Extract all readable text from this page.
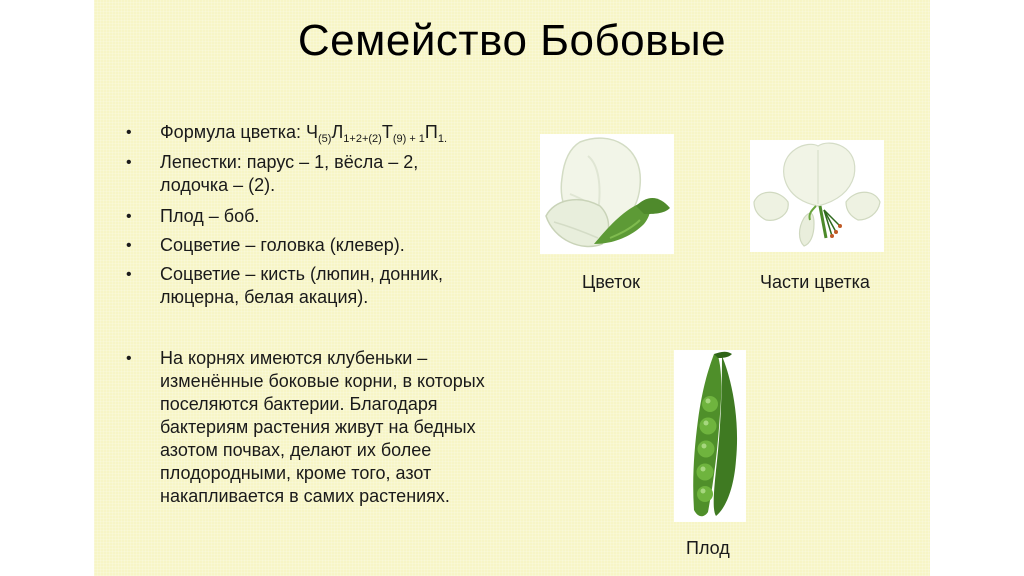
Семейство Бобовые
•	Формула цветка: $Ч_{(5)}Л_{1+2+(2)}Т_{(9) + 1}П_{1.}$
•	Лепестки: парус – 1, вёсла – 2,
лодочка – (2).
•	Плод – боб.
•	Соцветие – головка (клевер).
•	Соцветие – кисть (люпин, донник,
люцерна, белая акация).
•	На корнях имеются клубеньки –
изменённые боковые корни, в которых
поселяются бактерии. Благодаря
бактериям растения живут на бедных
азотом почвах, делают их более
плодородными, кроме того, азот
накапливается в самих растениях.
Цветок	Части цветка
Плод
